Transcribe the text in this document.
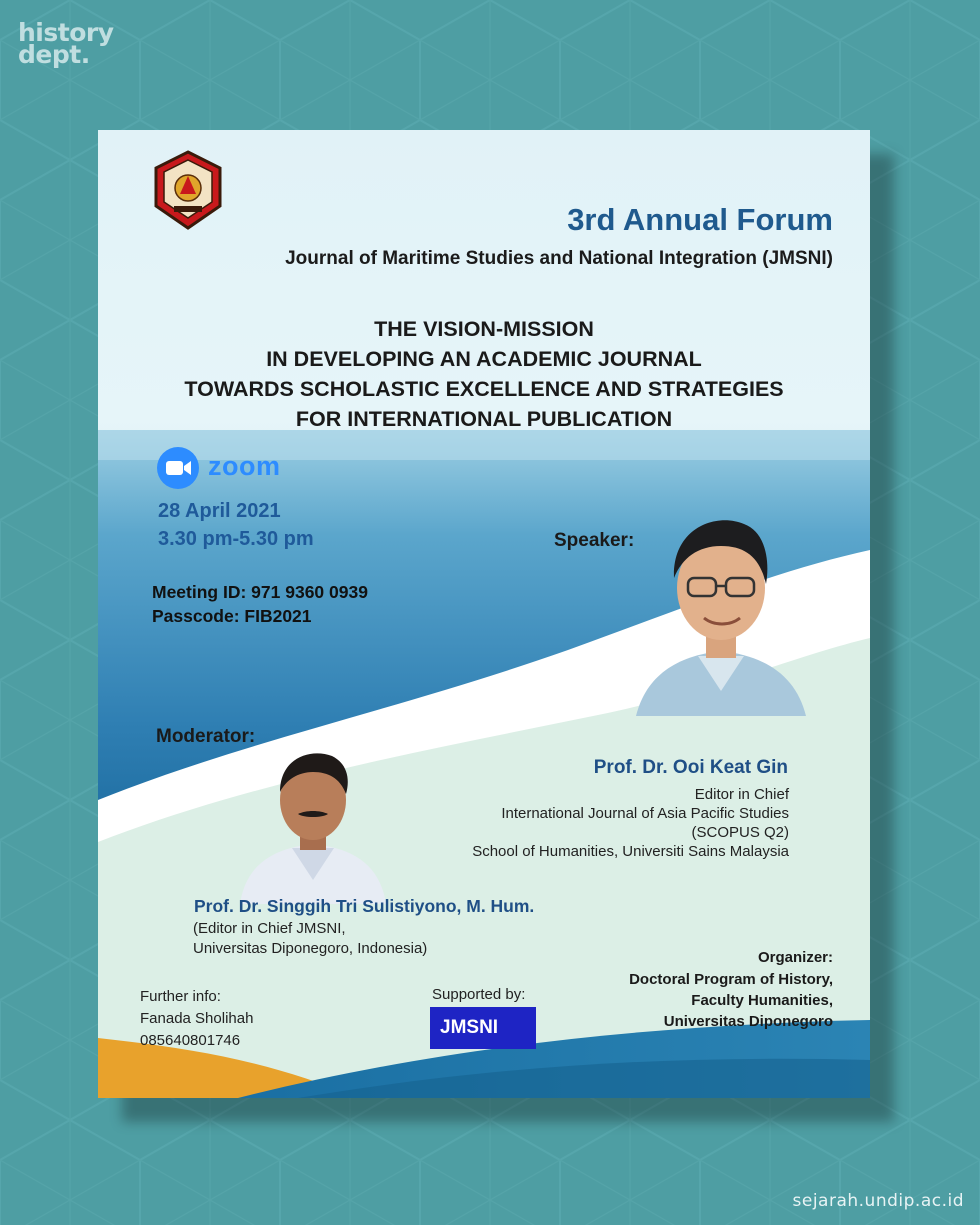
history
dept.
3rd Annual Forum
Journal of Maritime Studies and National Integration (JMSNI)
THE VISION-MISSION
IN DEVELOPING AN ACADEMIC JOURNAL
TOWARDS SCHOLASTIC EXCELLENCE AND STRATEGIES
FOR INTERNATIONAL PUBLICATION
zoom
28 April 2021
3.30 pm-5.30 pm	Speaker:
Meeting ID: 971 9360 0939
Passcode: FIB2021
Moderator:
Prof. Dr. Ooi Keat Gin
Editor in Chief
International Journal of Asia Pacific Studies
(SCOPUS Q2)
School of Humanities, Universiti Sains Malaysia
Prof. Dr. Singgih Tri Sulistiyono, M. Hum.
(Editor in Chief JMSNI,
Universitas Diponegoro, Indonesia)
Further info:
Fanada Sholihah
085640801746
Supported by:
JMSNI
Organizer:
Doctoral Program of History,
Faculty Humanities,
Universitas Diponegoro
sejarah.undip.ac.id
